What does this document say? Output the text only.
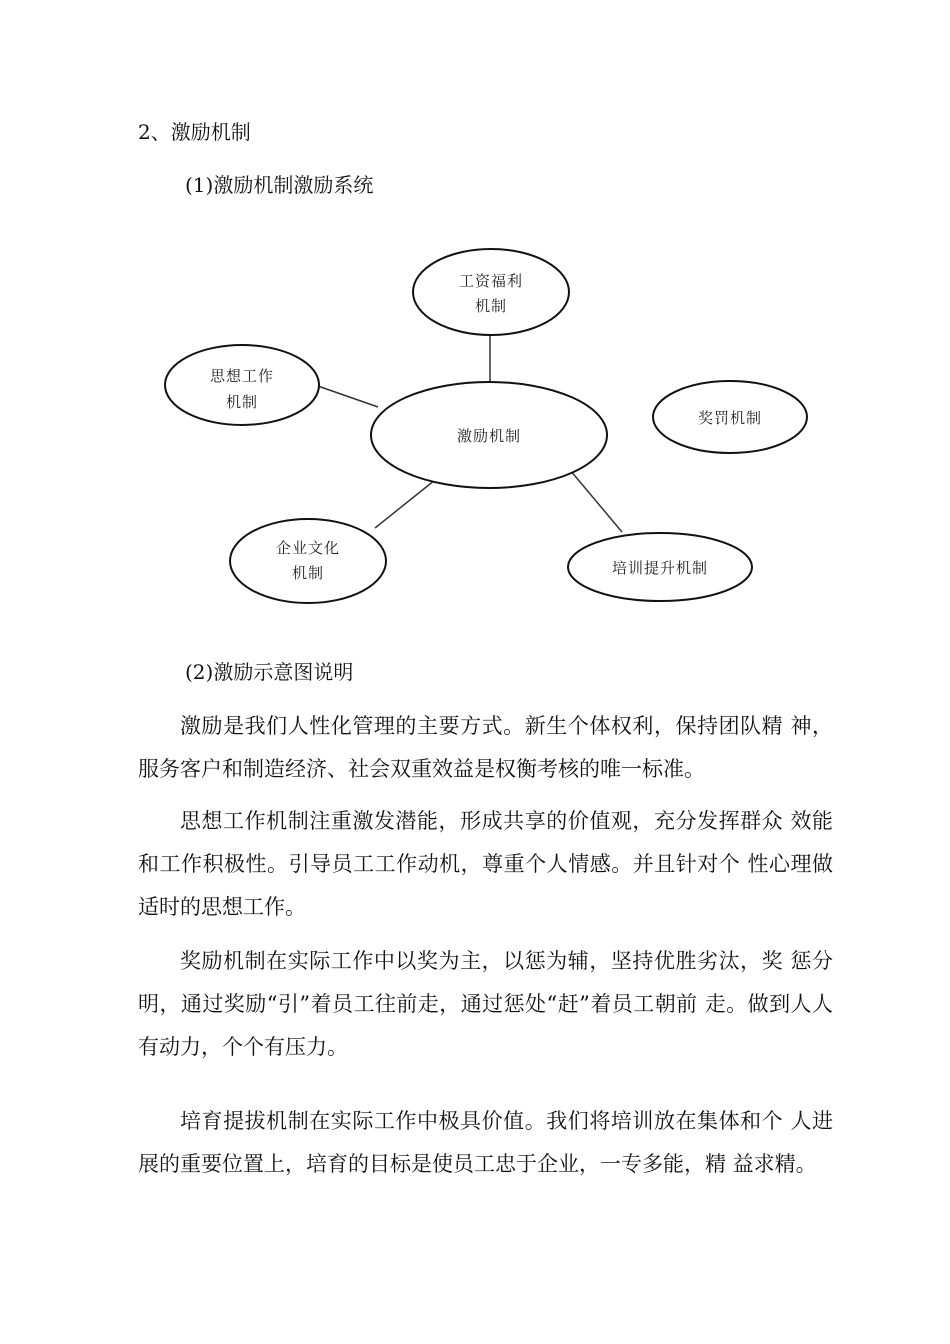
2、激励机制
(1)激励机制激励系统
工资福利
机制
思想工作
机制
激励机制
奖罚机制
企业文化
机制	培训提升机制
(2)激励示意图说明

激励是我们人性化管理的主要方式。新生个体权利，保持团队精 神，服务客户和制造经济、社会双重效益是权衡考核的唯一标准。

思想工作机制注重激发潜能，形成共享的价值观，充分发挥群众 效能和工作积极性。引导员工工作动机，尊重个人情感。并且针对个 性心理做适时的思想工作。

奖励机制在实际工作中以奖为主，以惩为辅，坚持优胜劣汰，奖 惩分明，通过奖励“引”着员工往前走，通过惩处“赶”着员工朝前 走。做到人人有动力，个个有压力。

培育提拔机制在实际工作中极具价值。我们将培训放在集体和个 人进展的重要位置上，培育的目标是使员工忠于企业，一专多能，精 益求精。
